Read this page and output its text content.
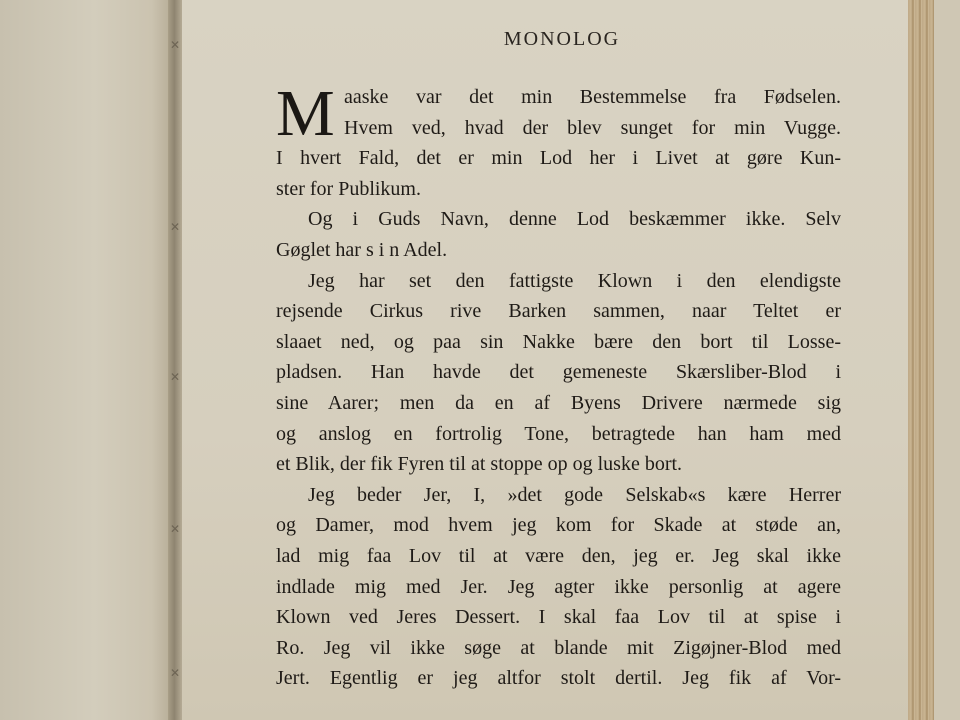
✕
✕
✕
✕
✕
MONOLOG
M aaske var det min Bestemmelse fra Fødselen.
Hvem ved, hvad der blev sunget for min Vugge.
I hvert Fald, det er min Lod her i Livet at gøre Kun-
ster for Publikum.
Og i Guds Navn, denne Lod beskæmmer ikke. Selv
Gøglet har s i n Adel.
Jeg har set den fattigste Klown i den elendigste
rejsende Cirkus rive Barken sammen, naar Teltet er
slaaet ned, og paa sin Nakke bære den bort til Losse-
pladsen. Han havde det gemeneste Skærsliber-Blod i
sine Aarer; men da en af Byens Drivere nærmede sig
og anslog en fortrolig Tone, betragtede han ham med
et Blik, der fik Fyren til at stoppe op og luske bort.
Jeg beder Jer, I, »det gode Selskab«s kære Herrer
og Damer, mod hvem jeg kom for Skade at støde an,
lad mig faa Lov til at være den, jeg er. Jeg skal ikke
indlade mig med Jer. Jeg agter ikke personlig at agere
Klown ved Jeres Dessert. I skal faa Lov til at spise i
Ro. Jeg vil ikke søge at blande mit Zigøjner-Blod med
Jert. Egentlig er jeg altfor stolt dertil. Jeg fik af Vor-
